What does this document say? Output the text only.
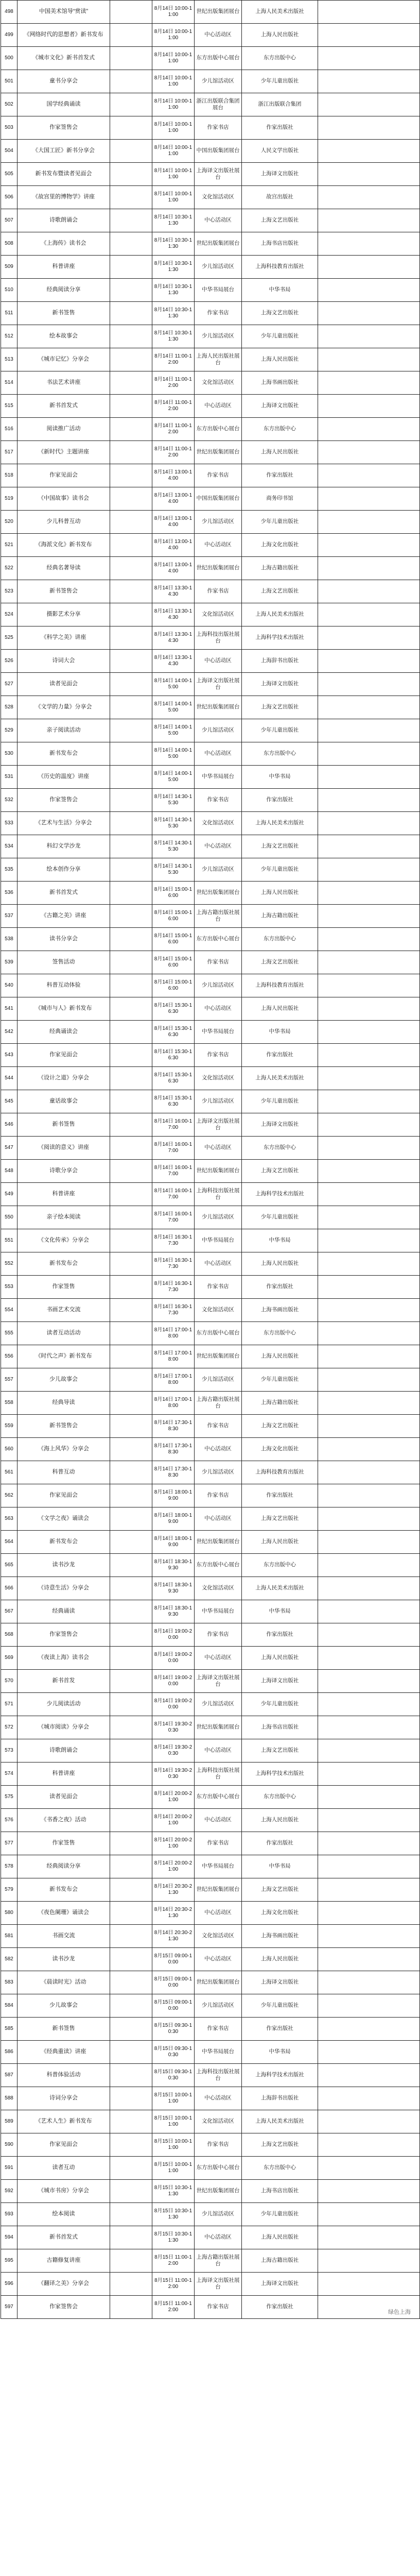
498	中国美术馆导“赏读”		8月14日 10:00-11:00	世纪出版集团展台	上海人民美术出版社	
499	《网络时代的思想者》新书发布		8月14日 10:00-11:00	中心活动区	上海人民出版社	
500	《城市文化》新书首发式		8月14日 10:00-11:00	东方出版中心展台	东方出版中心	
501	童书分享会		8月14日 10:00-11:00	少儿馆活动区	少年儿童出版社	
502	国学经典诵读		8月14日 10:00-11:00	浙江出版联合集团展台	浙江出版联合集团	
503	作家签售会		8月14日 10:00-11:00	作家书店	作家出版社	
504	《大国工匠》新书分享会		8月14日 10:00-11:00	中国出版集团展台	人民文学出版社	
505	新书发布暨读者见面会		8月14日 10:00-11:00	上海译文出版社展台	上海译文出版社	
506	《故宫里的博物学》讲座		8月14日 10:00-11:00	文化馆活动区	故宫出版社	
507	诗歌朗诵会		8月14日 10:30-11:30	中心活动区	上海文艺出版社	
508	《上海传》读书会		8月14日 10:30-11:30	世纪出版集团展台	上海书店出版社	
509	科普讲座		8月14日 10:30-11:30	少儿馆活动区	上海科技教育出版社	
510	经典阅读分享		8月14日 10:30-11:30	中华书局展台	中华书局	
511	新书签售		8月14日 10:30-11:30	作家书店	上海文艺出版社	
512	绘本故事会		8月14日 10:30-11:30	少儿馆活动区	少年儿童出版社	
513	《城市记忆》分享会		8月14日 11:00-12:00	上海人民出版社展台	上海人民出版社	
514	书法艺术讲座		8月14日 11:00-12:00	文化馆活动区	上海书画出版社	
515	新书首发式		8月14日 11:00-12:00	中心活动区	上海译文出版社	
516	阅读推广活动		8月14日 11:00-12:00	东方出版中心展台	东方出版中心	
517	《新时代》主题讲座		8月14日 11:00-12:00	世纪出版集团展台	上海人民出版社	
518	作家见面会		8月14日 13:00-14:00	作家书店	作家出版社	
519	《中国故事》读书会		8月14日 13:00-14:00	中国出版集团展台	商务印书馆	
520	少儿科普互动		8月14日 13:00-14:00	少儿馆活动区	少年儿童出版社	
521	《海派文化》新书发布		8月14日 13:00-14:00	中心活动区	上海文化出版社	
522	经典名著导读		8月14日 13:00-14:00	世纪出版集团展台	上海古籍出版社	
523	新书签售会		8月14日 13:30-14:30	作家书店	上海文艺出版社	
524	摄影艺术分享		8月14日 13:30-14:30	文化馆活动区	上海人民美术出版社	
525	《科学之美》讲座		8月14日 13:30-14:30	上海科技出版社展台	上海科学技术出版社	
526	诗词大会		8月14日 13:30-14:30	中心活动区	上海辞书出版社	
527	读者见面会		8月14日 14:00-15:00	上海译文出版社展台	上海译文出版社	
528	《文学的力量》分享会		8月14日 14:00-15:00	世纪出版集团展台	上海文艺出版社	
529	亲子阅读活动		8月14日 14:00-15:00	少儿馆活动区	少年儿童出版社	
530	新书发布会		8月14日 14:00-15:00	中心活动区	东方出版中心	
531	《历史的温度》讲座		8月14日 14:00-15:00	中华书局展台	中华书局	
532	作家签售会		8月14日 14:30-15:30	作家书店	作家出版社	
533	《艺术与生活》分享会		8月14日 14:30-15:30	文化馆活动区	上海人民美术出版社	
534	科幻文学沙龙		8月14日 14:30-15:30	中心活动区	上海文艺出版社	
535	绘本创作分享		8月14日 14:30-15:30	少儿馆活动区	少年儿童出版社	
536	新书首发式		8月14日 15:00-16:00	世纪出版集团展台	上海人民出版社	
537	《古籍之美》讲座		8月14日 15:00-16:00	上海古籍出版社展台	上海古籍出版社	
538	读书分享会		8月14日 15:00-16:00	东方出版中心展台	东方出版中心	
539	签售活动		8月14日 15:00-16:00	作家书店	上海文艺出版社	
540	科普互动体验		8月14日 15:00-16:00	少儿馆活动区	上海科技教育出版社	
541	《城市与人》新书发布		8月14日 15:30-16:30	中心活动区	上海人民出版社	
542	经典诵读会		8月14日 15:30-16:30	中华书局展台	中华书局	
543	作家见面会		8月14日 15:30-16:30	作家书店	作家出版社	
544	《设计之道》分享会		8月14日 15:30-16:30	文化馆活动区	上海人民美术出版社	
545	童话故事会		8月14日 15:30-16:30	少儿馆活动区	少年儿童出版社	
546	新书签售		8月14日 16:00-17:00	上海译文出版社展台	上海译文出版社	
547	《阅读的意义》讲座		8月14日 16:00-17:00	中心活动区	东方出版中心	
548	诗歌分享会		8月14日 16:00-17:00	世纪出版集团展台	上海文艺出版社	
549	科普讲座		8月14日 16:00-17:00	上海科技出版社展台	上海科学技术出版社	
550	亲子绘本阅读		8月14日 16:00-17:00	少儿馆活动区	少年儿童出版社	
551	《文化传承》分享会		8月14日 16:30-17:30	中华书局展台	中华书局	
552	新书发布会		8月14日 16:30-17:30	中心活动区	上海人民出版社	
553	作家签售		8月14日 16:30-17:30	作家书店	作家出版社	
554	书画艺术交流		8月14日 16:30-17:30	文化馆活动区	上海书画出版社	
555	读者互动活动		8月14日 17:00-18:00	东方出版中心展台	东方出版中心	
556	《时代之声》新书发布		8月14日 17:00-18:00	世纪出版集团展台	上海人民出版社	
557	少儿故事会		8月14日 17:00-18:00	少儿馆活动区	少年儿童出版社	
558	经典导读		8月14日 17:00-18:00	上海古籍出版社展台	上海古籍出版社	
559	新书签售会		8月14日 17:30-18:30	作家书店	上海文艺出版社	
560	《海上风华》分享会		8月14日 17:30-18:30	中心活动区	上海文化出版社	
561	科普互动		8月14日 17:30-18:30	少儿馆活动区	上海科技教育出版社	
562	作家见面会		8月14日 18:00-19:00	作家书店	作家出版社	
563	《文学之夜》诵读会		8月14日 18:00-19:00	中心活动区	上海文艺出版社	
564	新书发布会		8月14日 18:00-19:00	世纪出版集团展台	上海人民出版社	
565	读书沙龙		8月14日 18:30-19:30	东方出版中心展台	东方出版中心	
566	《诗意生活》分享会		8月14日 18:30-19:30	文化馆活动区	上海人民美术出版社	
567	经典诵读		8月14日 18:30-19:30	中华书局展台	中华书局	
568	作家签售会		8月14日 19:00-20:00	作家书店	作家出版社	
569	《夜读上海》读书会		8月14日 19:00-20:00	中心活动区	上海人民出版社	
570	新书首发		8月14日 19:00-20:00	上海译文出版社展台	上海译文出版社	
571	少儿阅读活动		8月14日 19:00-20:00	少儿馆活动区	少年儿童出版社	
572	《城市阅读》分享会		8月14日 19:30-20:30	世纪出版集团展台	上海书店出版社	
573	诗歌朗诵会		8月14日 19:30-20:30	中心活动区	上海文艺出版社	
574	科普讲座		8月14日 19:30-20:30	上海科技出版社展台	上海科学技术出版社	
575	读者见面会		8月14日 20:00-21:00	东方出版中心展台	东方出版中心	
576	《书香之夜》活动		8月14日 20:00-21:00	中心活动区	上海人民出版社	
577	作家签售		8月14日 20:00-21:00	作家书店	作家出版社	
578	经典阅读分享		8月14日 20:00-21:00	中华书局展台	中华书局	
579	新书发布会		8月14日 20:30-21:30	世纪出版集团展台	上海文艺出版社	
580	《夜色阑珊》诵读会		8月14日 20:30-21:30	中心活动区	上海文化出版社	
581	书画交流		8月14日 20:30-21:30	文化馆活动区	上海书画出版社	
582	读书沙龙		8月15日 09:00-10:00	中心活动区	上海人民出版社	
583	《晨读时光》活动		8月15日 09:00-10:00	世纪出版集团展台	上海译文出版社	
584	少儿故事会		8月15日 09:00-10:00	少儿馆活动区	少年儿童出版社	
585	新书签售		8月15日 09:30-10:30	作家书店	作家出版社	
586	《经典重读》讲座		8月15日 09:30-10:30	中华书局展台	中华书局	
587	科普体验活动		8月15日 09:30-10:30	上海科技出版社展台	上海科学技术出版社	
588	诗词分享会		8月15日 10:00-11:00	中心活动区	上海辞书出版社	
589	《艺术人生》新书发布		8月15日 10:00-11:00	文化馆活动区	上海人民美术出版社	
590	作家见面会		8月15日 10:00-11:00	作家书店	上海文艺出版社	
591	读者互动		8月15日 10:00-11:00	东方出版中心展台	东方出版中心	
592	《城市书房》分享会		8月15日 10:30-11:30	世纪出版集团展台	上海书店出版社	
593	绘本阅读		8月15日 10:30-11:30	少儿馆活动区	少年儿童出版社	
594	新书首发式		8月15日 10:30-11:30	中心活动区	上海人民出版社	
595	古籍修复讲座		8月15日 11:00-12:00	上海古籍出版社展台	上海古籍出版社	
596	《翻译之美》分享会		8月15日 11:00-12:00	上海译文出版社展台	上海译文出版社	
597	作家签售会		8月15日 11:00-12:00	作家书店	作家出版社	
绿色上海
